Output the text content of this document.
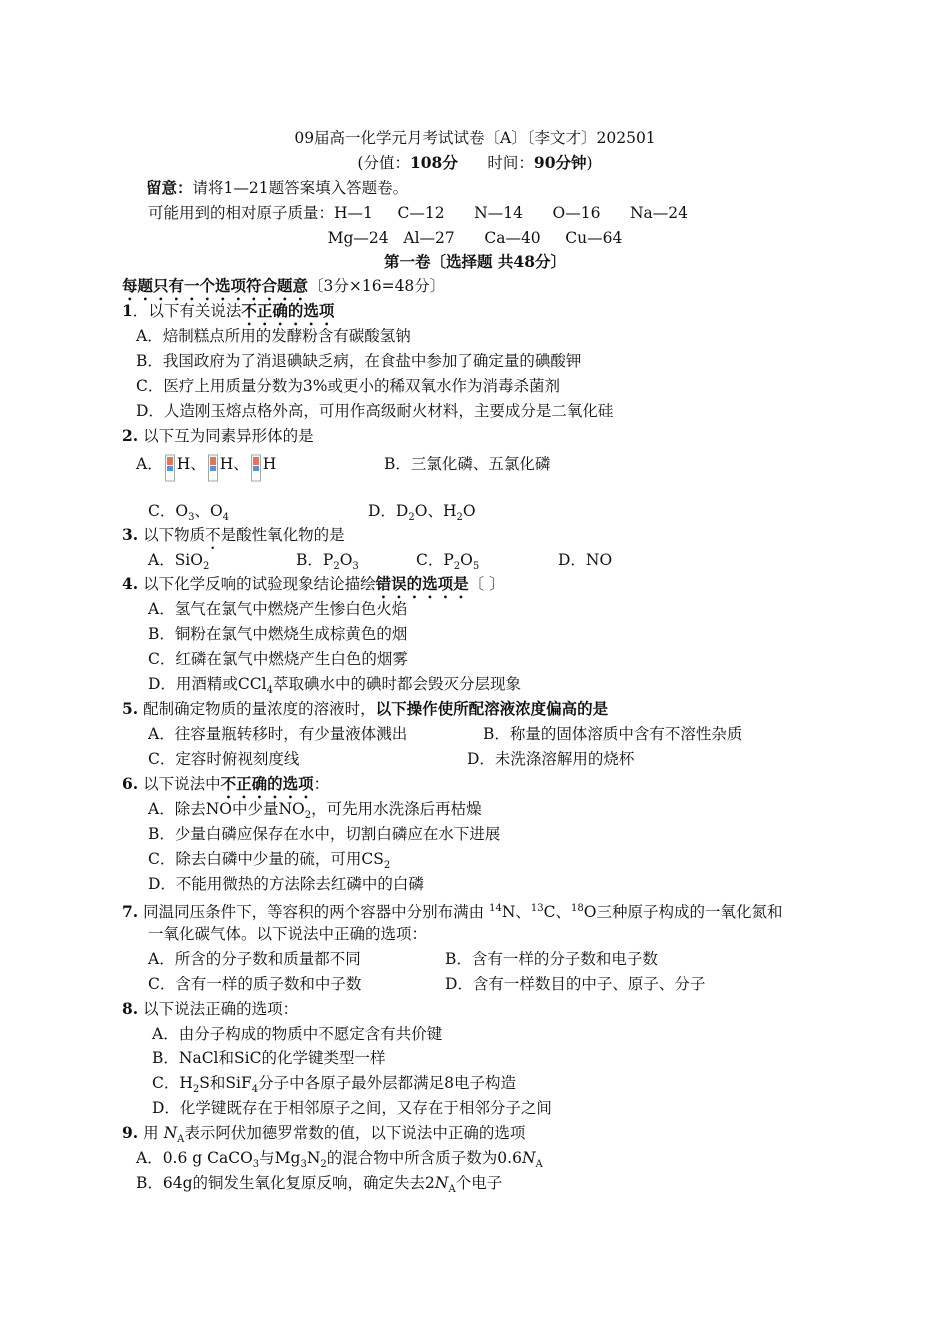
09届高一化学元月考试试卷〔A〕〔李文才〕202501
(分值：108分 时间：90分钟)
留意：请将1—21题答案填入答题卷。
可能用到的相对原子质量：H—1     C—12      N—14      O—16      Na—24
Mg—24   Al—27      Ca—40     Cu—64
第一卷〔选择题 共48分〕
每题只有一个选项符合题意〔3分×16=48分〕
1．以下有关说法不正确的选项
A．焙制糕点所用的发酵粉含有碳酸氢钠
B．我国政府为了消退碘缺乏病，在食盐中参加了确定量的碘酸钾
C．医疗上用质量分数为3%或更小的稀双氧水作为消毒杀菌剂
D．人造刚玉熔点格外高，可用作高级耐火材料，主要成分是二氧化硅
2. 以下互为同素异形体的是
A． H、 H、 H	B．三氯化磷、五氯化磷
C．$O_3$、$O_4$	D．$D_2O$、$H_2O$
3. 以下物质不是酸性氧化物的是
A．SiO$_2$	B．$P_2O_3$	C．$P_2O_5$	D．NO
4. 以下化学反响的试验现象结论描绘错误的选项是〔 〕
A．氢气在氯气中燃烧产生惨白色火焰
B．铜粉在氯气中燃烧生成棕黄色的烟
C．红磷在氯气中燃烧产生白色的烟雾
D．用酒精或CCl$_4$萃取碘水中的碘时都会毁灭分层现象
5. 配制确定物质的量浓度的溶液时，以下操作使所配溶液浓度偏高的是
A．往容量瓶转移时，有少量液体溅出	B．称量的固体溶质中含有不溶性杂质
C．定容时俯视刻度线	D．未洗涤溶解用的烧杯
6. 以下说法中不正确的选项：
A．除去NO中少量$NO_2$，可先用水洗涤后再枯燥
B．少量白磷应保存在水中，切割白磷应在水下进展
C．除去白磷中少量的硫，可用$CS_2$
D．不能用微热的方法除去红磷中的白磷
7. 同温同压条件下，等容积的两个容器中分别布满由 $^{14}$N、$^{13}$C、$^{18}$O三种原子构成的一氧化氮和
一氧化碳气体。以下说法中正确的选项：
A．所含的分子数和质量都不同	B．含有一样的分子数和电子数
C．含有一样的质子数和中子数	D．含有一样数目的中子、原子、分子
8. 以下说法正确的选项：
A．由分子构成的物质中不愿定含有共价键
B．NaCl和SiC的化学键类型一样
C．$H_2S$和SiF$_4$分子中各原子最外层都满足8电子构造
D．化学键既存在于相邻原子之间，又存在于相邻分子之间
9. 用 $N_A$表示阿伏加德罗常数的值，以下说法中正确的选项
A．0.6 g CaCO$_3$与$Mg_3N_2$的混合物中所含质子数为$0.6N_A$
B．64g的铜发生氧化复原反响，确定失去$2N_A$个电子
